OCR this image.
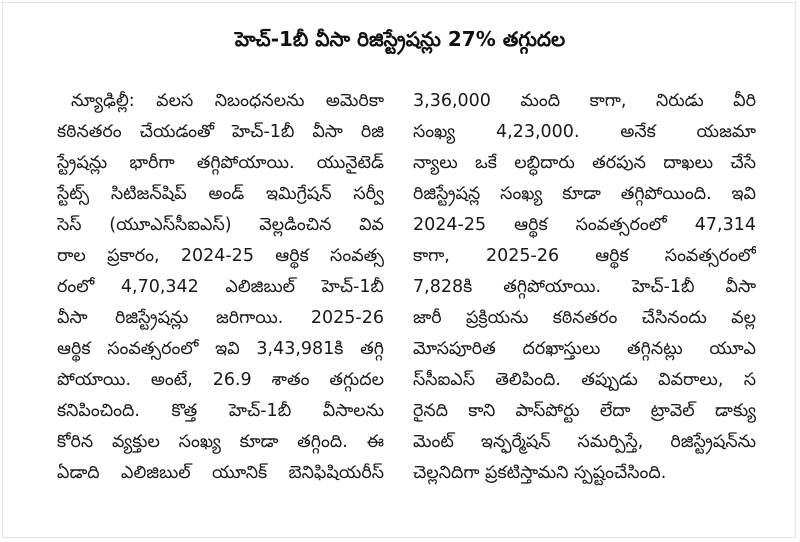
హెచ్-1బీ వీసా రిజిస్ట్రేషన్లు 27% తగ్గుదల
న్యూఢిల్లీ: వలస నిబంధనలను అమెరికా
కఠినతరం చేయడంతో హెచ్-1బీ వీసా రిజి
స్ట్రేషన్లు భారీగా తగ్గిపోయాయి. యునైటెడ్
స్టేట్స్ సిటిజన్‌షిప్ అండ్ ఇమిగ్రేషన్ సర్వీ
సెస్ (యూఎస్‌సీఐఎస్) వెల్లడించిన వివ
రాల ప్రకారం, 2024-25 ఆర్థిక సంవత్స
రంలో 4,70,342 ఎలిజిబుల్ హెచ్-1బీ
వీసా రిజిస్ట్రేషన్లు జరిగాయి. 2025-26
ఆర్థిక సంవత్సరంలో ఇవి 3,43,981కి తగ్గి
పోయాయి. అంటే, 26.9 శాతం తగ్గుదల
కనిపించింది. కొత్త హెచ్-1బీ వీసాలను
కోరిన వ్యక్తుల సంఖ్య కూడా తగ్గింది. ఈ
ఏడాది ఎలిజిబుల్ యూనిక్ బెనిఫిషియరీస్
3,36,000 మంది కాగా, నిరుడు వీరి
సంఖ్య 4,23,000. అనేక యజమా
న్యాలు ఒకే లబ్ధిదారు తరపున దాఖలు చేసే
రిజిస్ట్రేషన్ల సంఖ్య కూడా తగ్గిపోయింది. ఇవి
2024-25 ఆర్థిక సంవత్సరంలో 47,314
కాగా, 2025-26 ఆర్థిక సంవత్సరంలో
7,828కి తగ్గిపోయాయి. హెచ్-1బీ వీసా
జారీ ప్రక్రియను కఠినతరం చేసినందు వల్ల
మోసపూరిత దరఖాస్తులు తగ్గినట్లు యూఎ
స్‌సీఐఎస్ తెలిపింది. తప్పుడు వివరాలు, స
రైనది కాని పాస్‌పోర్టు లేదా ట్రావెల్ డాక్యు
మెంట్ ఇన్ఫర్మేషన్ సమర్పిస్తే, రిజిస్ట్రేషన్‌ను
చెల్లనిదిగా ప్రకటిస్తామని స్పష్టంచేసింది.
